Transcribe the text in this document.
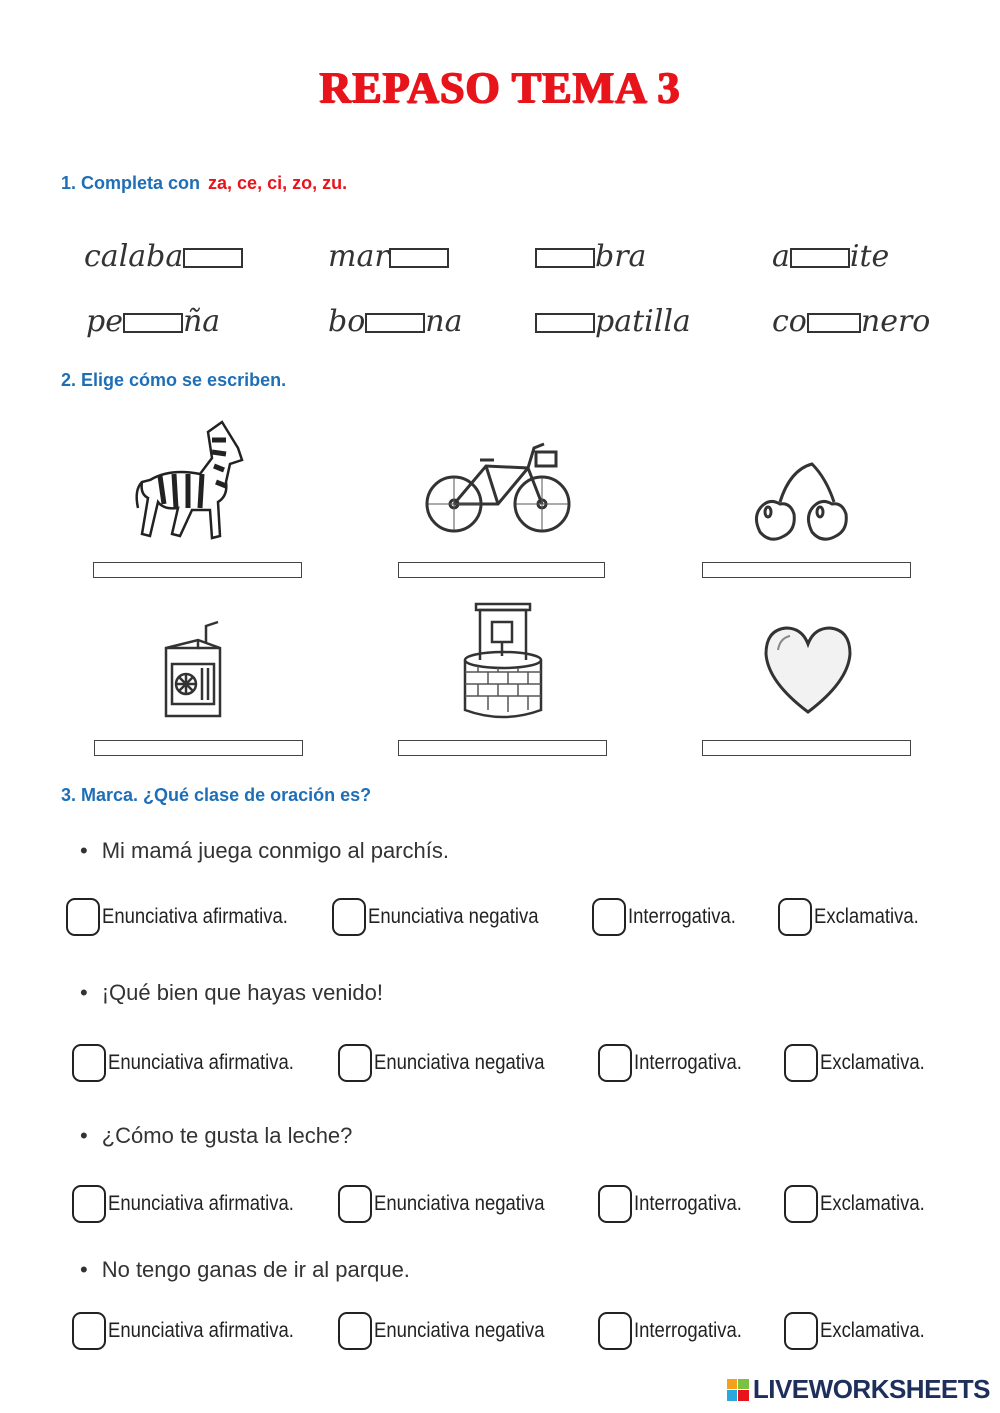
REPASO TEMA 3
1. Completa con za, ce, ci, zo, zu.
calaba	mar	bra	a ite
pe ña	bo na	patilla	co nero
2. Elige cómo se escriben.
3. Marca. ¿Qué clase de oración es?
• Mi mamá juega conmigo al parchís.
Enunciativa afirmativa.	Enunciativa negativa	Interrogativa.	Exclamativa.
• ¡Qué bien que hayas venido!
Enunciativa afirmativa.	Enunciativa negativa	Interrogativa.	Exclamativa.
• ¿Cómo te gusta la leche?
Enunciativa afirmativa.	Enunciativa negativa	Interrogativa.	Exclamativa.
• No tengo ganas de ir al parque.
Enunciativa afirmativa.	Enunciativa negativa	Interrogativa.	Exclamativa.
LIVEWORKSHEETS
